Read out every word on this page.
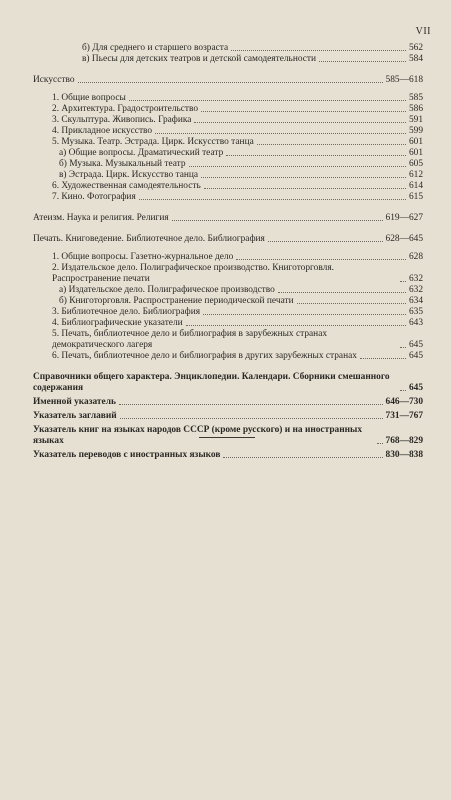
VII
б) Для среднего и старшего возраста	562
в) Пьесы для детских театров и детской самодеятельности	584
Искусство	585—618
1. Общие вопросы	585
2. Архитектура. Градостроительство	586
3. Скульптура. Живопись. Графика	591
4. Прикладное искусство	599
5. Музыка. Театр. Эстрада. Цирк. Искусство танца	601
а) Общие вопросы. Драматический театр	601
б) Музыка. Музыкальный театр	605
в) Эстрада. Цирк. Искусство танца	612
6. Художественная самодеятельность	614
7. Кино. Фотография	615
Атеизм. Наука и религия. Религия	619—627
Печать. Книговедение. Библиотечное дело. Библиография	628—645
1. Общие вопросы. Газетно-журнальное дело	628
2. Издательское дело. Полиграфическое производство. Книготорговля. Распространение печати	632
а) Издательское дело. Полиграфическое производство	632
б) Книготорговля. Распространение периодической печати	634
3. Библиотечное дело. Библиография	635
4. Библиографические указатели	643
5. Печать, библиотечное дело и библиография в зарубежных странах демократического лагеря	645
6. Печать, библиотечное дело и библиография в других зарубежных странах	645
Справочники общего характера. Энциклопедии. Календари. Сборники смешанного содержания	645
Именной указатель	646—730
Указатель заглавий	731—767
Указатель книг на языках народов СССР (кроме русского) и на иностранных языках	768—829
Указатель переводов с иностранных языков	830—838
